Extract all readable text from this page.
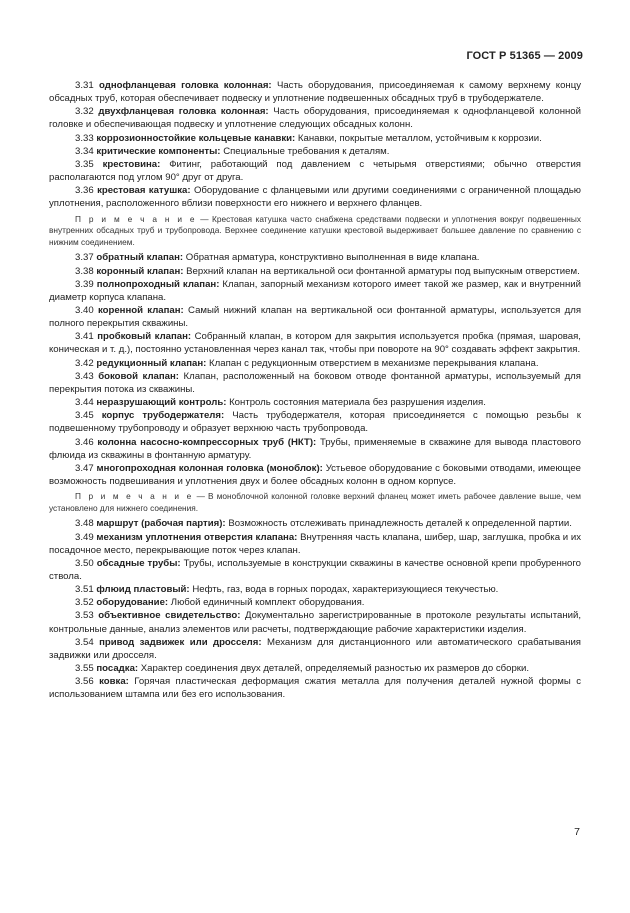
ГОСТ Р 51365 — 2009

3.31 однофланцевая головка колонная: Часть оборудования, присоединяемая к самому верхнему концу обсадных труб, которая обеспечивает подвеску и уплотнение подвешенных обсадных труб в трубодержателе.

3.32 двухфланцевая головка колонная: Часть оборудования, присоединяемая к однофланцевой колонной головке и обеспечивающая подвеску и уплотнение следующих обсадных колонн.

3.33 коррозионностойкие кольцевые канавки: Канавки, покрытые металлом, устойчивым к коррозии.

3.34 критические компоненты: Специальные требования к деталям.

3.35 крестовина: Фитинг, работающий под давлением с четырьмя отверстиями; обычно отверстия располагаются под углом 90° друг от друга.

3.36 крестовая катушка: Оборудование с фланцевыми или другими соединениями с ограниченной площадью уплотнения, расположенного вблизи поверхности его нижнего и верхнего фланцев.

П р и м е ч а н и е — Крестовая катушка часто снабжена средствами подвески и уплотнения вокруг подвешенных внутренних обсадных труб и трубопровода. Верхнее соединение катушки крестовой выдерживает большее давление по сравнению с нижним соединением.

3.37 обратный клапан: Обратная арматура, конструктивно выполненная в виде клапана.

3.38 коронный клапан: Верхний клапан на вертикальной оси фонтанной арматуры под выпускным отверстием.

3.39 полнопроходный клапан: Клапан, запорный механизм которого имеет такой же размер, как и внутренний диаметр корпуса клапана.

3.40 коренной клапан: Самый нижний клапан на вертикальной оси фонтанной арматуры, используется для полного перекрытия скважины.

3.41 пробковый клапан: Собранный клапан, в котором для закрытия используется пробка (прямая, шаровая, коническая и т. д.), постоянно установленная через канал так, чтобы при повороте на 90° создавать эффект закрытия.

3.42 редукционный клапан: Клапан с редукционным отверстием в механизме перекрывания клапана.

3.43 боковой клапан: Клапан, расположенный на боковом отводе фонтанной арматуры, используемый для перекрытия потока из скважины.

3.44 неразрушающий контроль: Контроль состояния материала без разрушения изделия.

3.45 корпус трубодержателя: Часть трубодержателя, которая присоединяется с помощью резьбы к подвешенному трубопроводу и образует верхнюю часть трубопровода.

3.46 колонна насосно-компрессорных труб (НКТ): Трубы, применяемые в скважине для вывода пластового флюида из скважины в фонтанную арматуру.

3.47 многопроходная колонная головка (моноблок): Устьевое оборудование с боковыми отводами, имеющее возможность подвешивания и уплотнения двух и более обсадных колонн в одном корпусе.

П р и м е ч а н и е — В моноблочной колонной головке верхний фланец может иметь рабочее давление выше, чем установлено для нижнего соединения.

3.48 маршрут (рабочая партия): Возможность отслеживать принадлежность деталей к определенной партии.

3.49 механизм уплотнения отверстия клапана: Внутренняя часть клапана, шибер, шар, заглушка, пробка и их посадочное место, перекрывающие поток через клапан.

3.50 обсадные трубы: Трубы, используемые в конструкции скважины в качестве основной крепи пробуренного ствола.

3.51 флюид пластовый: Нефть, газ, вода в горных породах, характеризующиеся текучестью.

3.52 оборудование: Любой единичный комплект оборудования.

3.53 объективное свидетельство: Документально зарегистрированные в протоколе результаты испытаний, контрольные данные, анализ элементов или расчеты, подтверждающие рабочие характеристики изделия.

3.54 привод задвижек или дросселя: Механизм для дистанционного или автоматического срабатывания задвижки или дросселя.

3.55 посадка: Характер соединения двух деталей, определяемый разностью их размеров до сборки.

3.56 ковка: Горячая пластическая деформация сжатия металла для получения деталей нужной формы с использованием штампа или без его использования.

7
